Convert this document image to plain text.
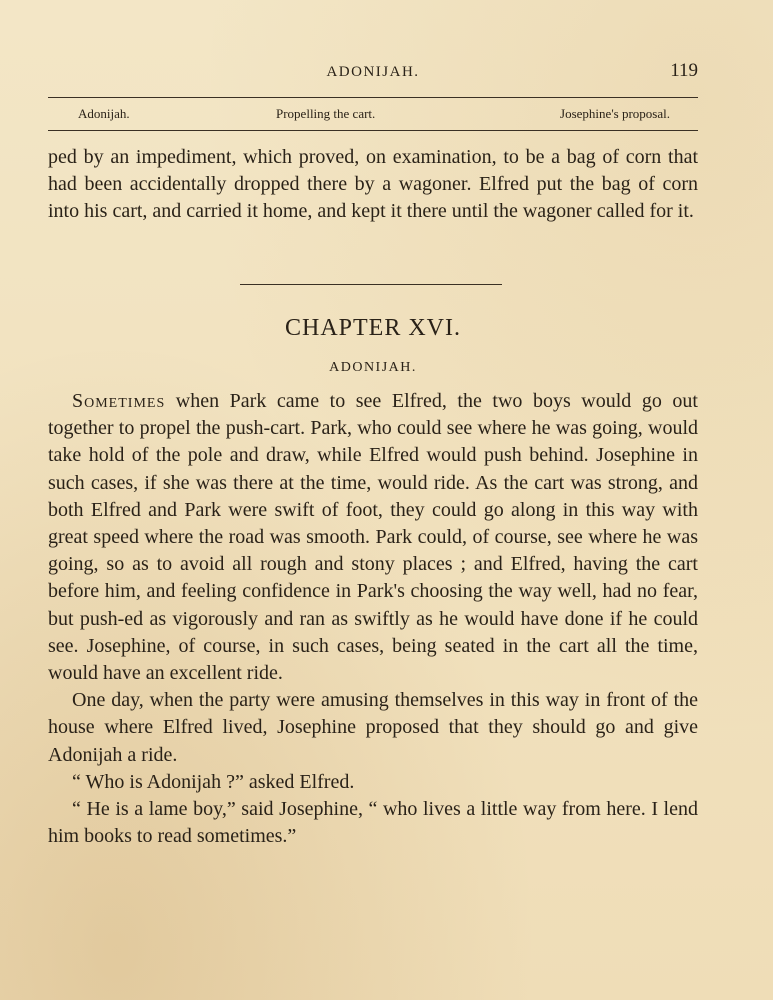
ADONIJAH.	119
Adonijah.	Propelling the cart.	Josephine's proposal.

ped by an impediment, which proved, on examination, to be a bag of corn that had been accidentally dropped there by a wagoner. Elfred put the bag of corn into his cart, and carried it home, and kept it there until the wagoner called for it.

CHAPTER XVI.
ADONIJAH.

Sometimes when Park came to see Elfred, the two boys would go out together to propel the push-cart. Park, who could see where he was going, would take hold of the pole and draw, while Elfred would push behind. Josephine in such cases, if she was there at the time, would ride. As the cart was strong, and both Elfred and Park were swift of foot, they could go along in this way with great speed where the road was smooth. Park could, of course, see where he was going, so as to avoid all rough and stony places ; and Elfred, having the cart before him, and feeling confidence in Park's choosing the way well, had no fear, but push-ed as vigorously and ran as swiftly as he would have done if he could see. Josephine, of course, in such cases, being seated in the cart all the time, would have an excellent ride.

One day, when the party were amusing themselves in this way in front of the house where Elfred lived, Josephine proposed that they should go and give Adonijah a ride.

“ Who is Adonijah ?” asked Elfred.

“ He is a lame boy,” said Josephine, “ who lives a little way from here. I lend him books to read sometimes.”
